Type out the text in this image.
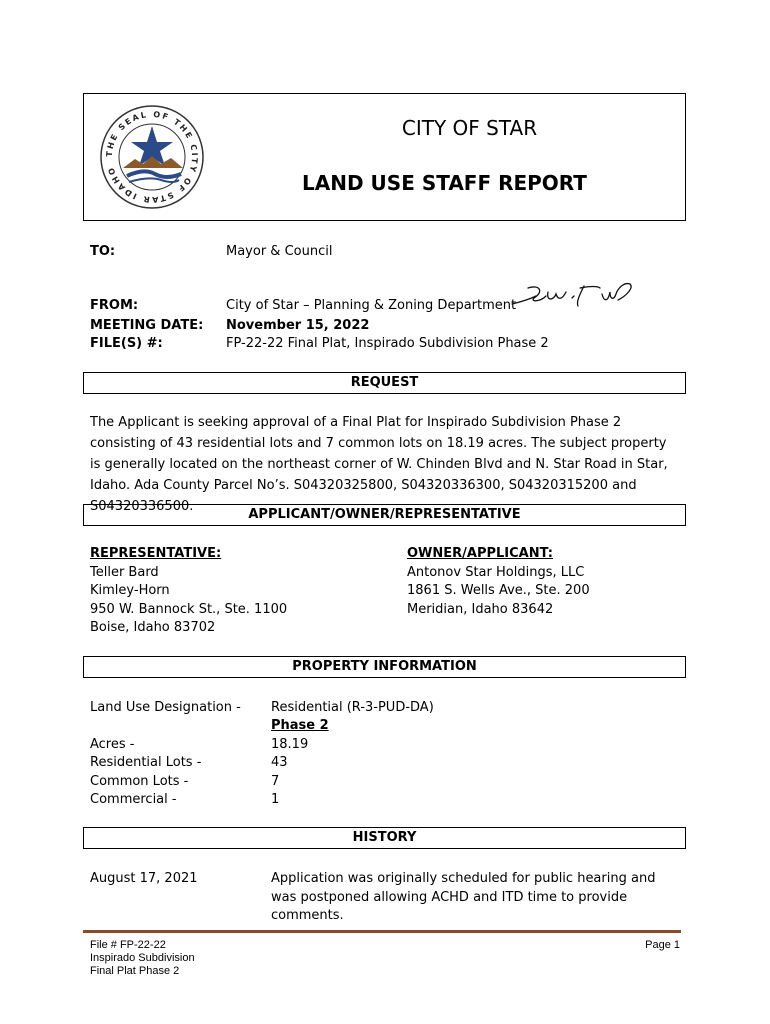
THE SEAL OF THE CITY OF STAR IDAHO
CITY OF STAR
LAND USE STAFF REPORT
TO:	Mayor & Council
FROM:	City of Star – Planning & Zoning Department
MEETING DATE: November 15, 2022
FILE(S) #:	FP-22-22 Final Plat, Inspirado Subdivision Phase 2
REQUEST
The Applicant is seeking approval of a Final Plat for Inspirado Subdivision Phase 2 consisting of 43 residential lots and 7 common lots on 18.19 acres. The subject property is generally located on the northeast corner of W. Chinden Blvd and N. Star Road in Star, Idaho. Ada County Parcel No’s. S04320325800, S04320336300, S04320315200 and S04320336500.
APPLICANT/OWNER/REPRESENTATIVE
REPRESENTATIVE:
Teller Bard
Kimley-Horn
950 W. Bannock St., Ste. 1100
Boise, Idaho 83702
OWNER/APPLICANT:
Antonov Star Holdings, LLC
1861 S. Wells Ave., Ste. 200
Meridian, Idaho 83642
PROPERTY INFORMATION
Land Use Designation - Residential (R-3-PUD-DA)
Phase 2
Acres -	18.19
Residential Lots -	43
Common Lots -	7
Commercial -	1
HISTORY
August 17, 2021	Application was originally scheduled for public hearing and was postponed allowing ACHD and ITD time to provide comments.
File # FP-22-22
Inspirado Subdivision
Final Plat Phase 2
Page 1
